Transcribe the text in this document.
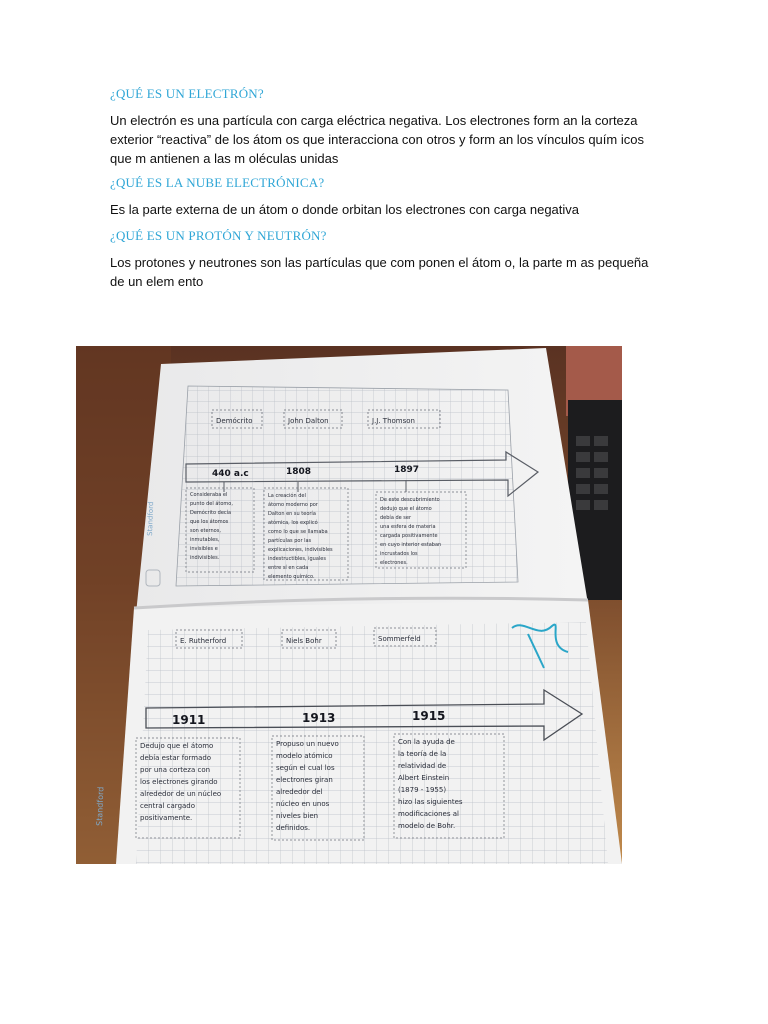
¿QUÉ ES UN ELECTRÓN?

Un electrón es una partícula con carga eléctrica negativa. Los electrones form an la corteza
exterior “reactiva” de los átom os que interacciona con otros y form an los vínculos quím icos
que m antienen a las m oléculas unidas

¿QUÉ ES LA NUBE ELECTRÓNICA?

Es la parte externa de un átom o donde orbitan los electrones con carga negativa

¿QUÉ ES UN PROTÓN Y NEUTRÓN?

Los protones y neutrones son las partículas que com ponen el átom o, la parte m as pequeña
de un elem ento

Demócrito	John Dalton	J.J. Thomson
440 a.c	1808	1897
Consideraba el
punto del átomo,
Demócrito decía
que los átomos
son eternos,
inmutables,
invisibles e
indivisibles.
La creación del
átomo moderno por
Dalton en su teoría
atómica, los explicó
como lo que se llamaba
partículas por las
explicaciones, indivisibles
indestructibles, iguales
entre sí en cada
elemento químico.
De este descubrimiento
dedujo que el átomo
debía de ser
una esfera de materia
cargada positivamente
en cuyo interior estaban
incrustados los
electrones.
Standford
E. Rutherford	Niels Bohr	Sommerfeld
1911	1913	1915
Dedujo que el átomo
debía estar formado
por una corteza con
los electrones girando
alrededor de un núcleo
central cargado
positivamente.
Propuso un nuevo
modelo atómico
según el cual los
electrones giran
alrededor del
núcleo en unos
niveles bien
definidos.
Con la ayuda de
la teoría de la
relatividad de
Albert Einstein
(1879 - 1955)
hizo las siguientes
modificaciones al
modelo de Bohr.
Standford
